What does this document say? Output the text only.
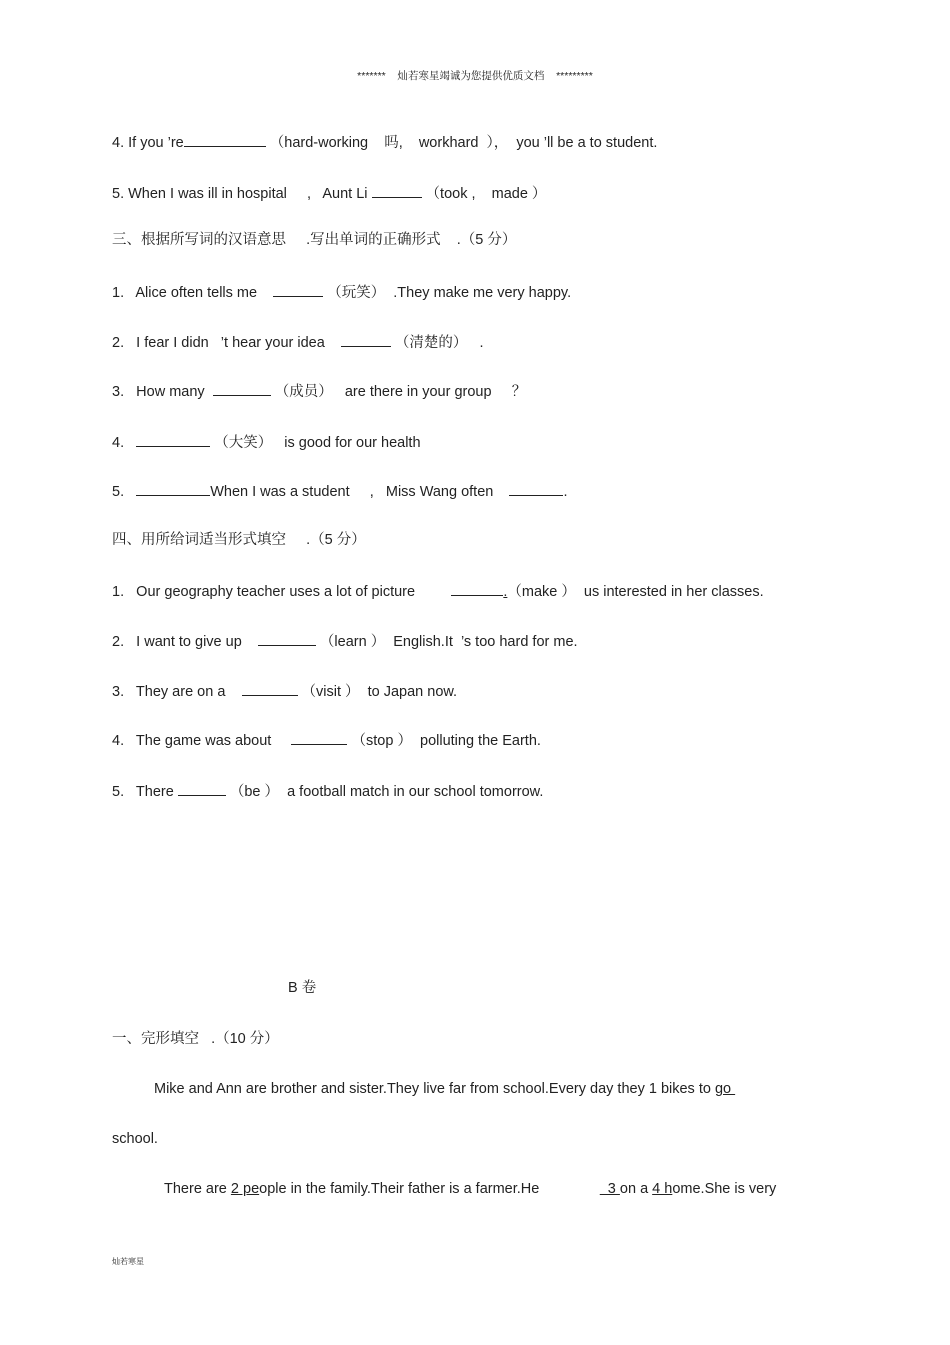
*******    灿若寒星竭诚为您提供优质文档    *********
4. If you ’re	（hard-working    吗,    workhard  ），  you ’ll be a to student.
5. When I was ill in hospital     ,   Aunt Li	（took ,    made ）
三、根据所写词的汉语意思     .写出单词的正确形式    .（5 分）
1.   Alice often tells me	（玩笑）  .They make me very happy.
2.   I fear I didn   ’t hear your idea	（清楚的）   .
3.   How many	（成员）   are there in your group     ？
4.	（大笑）   is good for our health
5.	When I was a student     ,   Miss Wang often	.
四、用所给词适当形式填空     .（5 分）
1.   Our geography teacher uses a lot of picture	.（make ）  us interested in her classes.
2.   I want to give up	（learn ）  English.It  ’s too hard for me.
3.   They are on a	（visit ）  to Japan now.
4.   The game was about	（stop ）  polluting the Earth.
5.   There	（be ）  a football match in our school tomorrow.
B 卷
一、完形填空   .（10 分）
Mike and Ann are brother and sister.They live far from school.Every day they 1 bikes to go
school.
There are 2 people in the family.Their father is a farmer.He                 3 on a 4 home.She is very
灿若寒星
